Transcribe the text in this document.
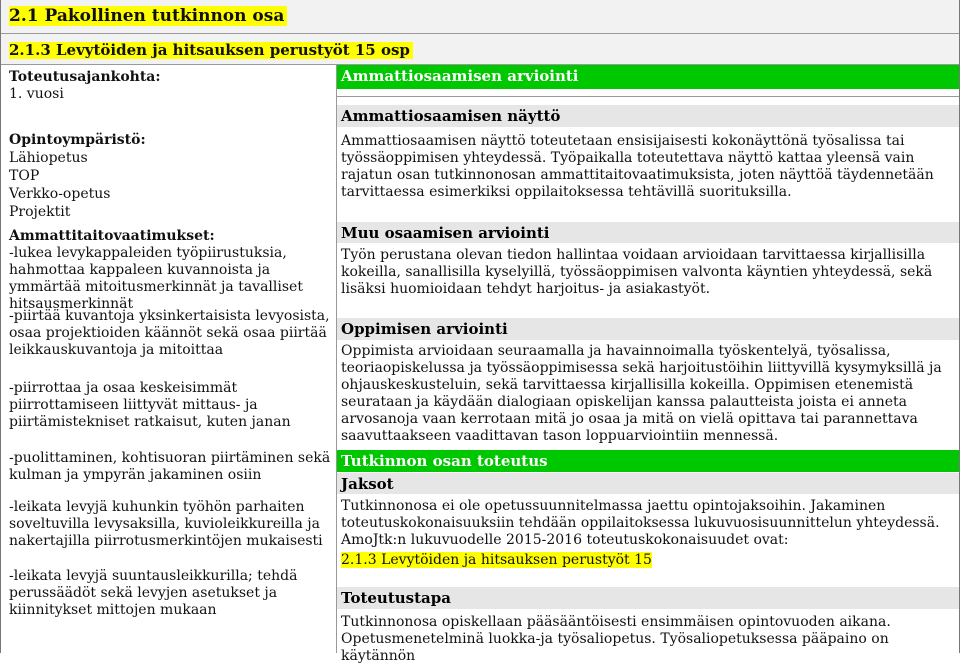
2.1 Pakollinen tutkinnon osa
2.1.3 Levytöiden ja hitsauksen perustyöt 15 osp

Toteutusajankohta:

1. vuosi

Opintoympäristö:

Lähiopetus

TOP

Verkko-opetus

Projektit

Ammattitaitovaatimukset:

-lukea levykappaleiden työpiirustuksia, hahmottaa kappaleen kuvannoista ja ymmärtää mitoitusmerkinnät ja tavalliset hitsausmerkinnät

-piirtää kuvantoja yksinkertaisista levyosista, osaa projektioiden käännöt sekä osaa piirtää leikkauskuvantoja ja mitoittaa

-piirrottaa ja osaa keskeisimmät piirrottamiseen liittyvät mittaus- ja piirtämistekniset ratkaisut, kuten janan

-puolittaminen, kohtisuoran piirtäminen sekä kulman ja ympyrän jakaminen osiin

-leikata levyjä kuhunkin työhön parhaiten soveltuvilla levysaksilla, kuvioleikkureilla ja nakertajilla piirrotusmerkintöjen mukaisesti

-leikata levyjä suuntausleikkurilla; tehdä perussäädöt sekä levyjen asetukset ja kiinnitykset mittojen mukaan

Ammattiosaamisen arviointi
Ammattiosaamisen näyttö

Ammattiosaamisen näyttö toteutetaan ensisijaisesti kokonäyttönä työsalissa tai työssäoppimisen yhteydessä. Työpaikalla toteutettava näyttö kattaa yleensä vain rajatun osan tutkinnonosan ammattitaitovaatimuksista, joten näyttöä täydennetään tarvittaessa esimerkiksi oppilaitoksessa tehtävillä suorituksilla.

Muu osaamisen arviointi

Työn perustana olevan tiedon hallintaa voidaan arvioidaan tarvittaessa kirjallisilla kokeilla, sanallisilla kyselyillä, työssäoppimisen valvonta käyntien yhteydessä, sekä lisäksi huomioidaan tehdyt harjoitus- ja asiakastyöt.

Oppimisen arviointi

Oppimista arvioidaan seuraamalla ja havainnoimalla työskentelyä, työsalissa, teoriaopiskelussa ja työssäoppimisessa sekä harjoitustöihin liittyvillä kysymyksillä ja ohjauskeskusteluin, sekä tarvittaessa kirjallisilla kokeilla. Oppimisen etenemistä seurataan ja käydään dialogiaan opiskelijan kanssa palautteista joista ei anneta arvosanoja vaan kerrotaan mitä jo osaa ja mitä on vielä opittava tai parannettava saavuttaakseen vaadittavan tason loppuarviointiin mennessä.

Tutkinnon osan toteutus
Jaksot

Tutkinnonosa ei ole opetussuunnitelmassa jaettu opintojaksoihin. Jakaminen toteutuskokonaisuuksiin tehdään oppilaitoksessa lukuvuosisuunnittelun yhteydessä. AmoJtk:n lukuvuodelle 2015-2016 toteutuskokonaisuudet ovat:

2.1.3 Levytöiden ja hitsauksen perustyöt 15

Toteutustapa

Tutkinnonosa opiskellaan pääsääntöisesti ensimmäisen opintovuoden aikana. Opetusmenetelminä luokka-ja työsaliopetus. Työsaliopetuksessa pääpaino on käytännön
